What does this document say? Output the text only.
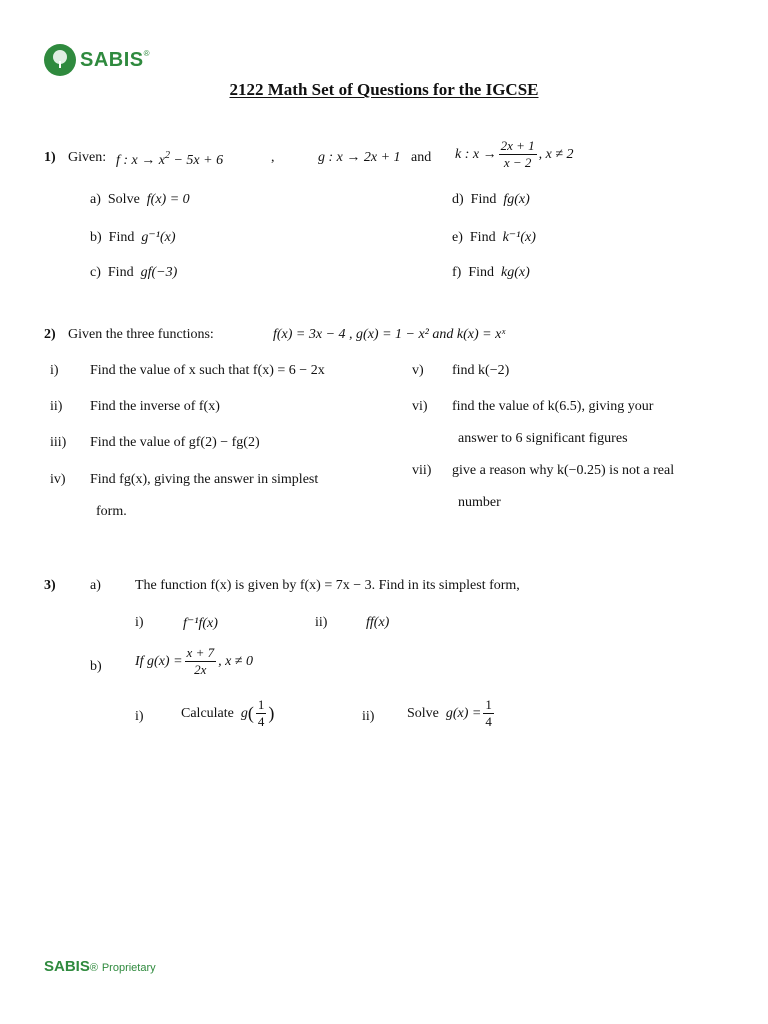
SABIS®
2122 Math Set of Questions for the IGCSE
1) Given: f : $x \to x^2 - 5x + 6$	,	g : x → 2x + 1 and k : $x \to \frac{2x + 1}{x - 2}$ , x ≠ 2
a) Solve f(x) = 0
b) Find g⁻¹(x)
c) Find gf(−3)
d) Find fg(x)
e) Find k⁻¹(x)
f) Find kg(x)
2) Given the three functions:	f(x) = 3x − 4 , g(x) = 1 − x² and k(x) = xˣ
i) Find the value of x such that f(x) = 6 − 2x
ii) Find the inverse of f(x)
iii) Find the value of gf(2) − fg(2)
iv) Find fg(x), giving the answer in simplest
form.
v) find k(−2)
vi) find the value of k(6.5), giving your
answer to 6 significant figures
vii) give a reason why k(−0.25) is not a real
number
3) a) The function f(x) is given by f(x) = 7x − 3. Find in its simplest form,
i)	f⁻¹f(x)	ii)	ff(x)
b) If $g(x) = \frac{x + 7}{2x}$ , x ≠ 0
i)	Calculate
g ( $\frac{1}{4}$ )	ii) Solve
$g(x) = \frac{1}{4}$
SABIS® Proprietary
